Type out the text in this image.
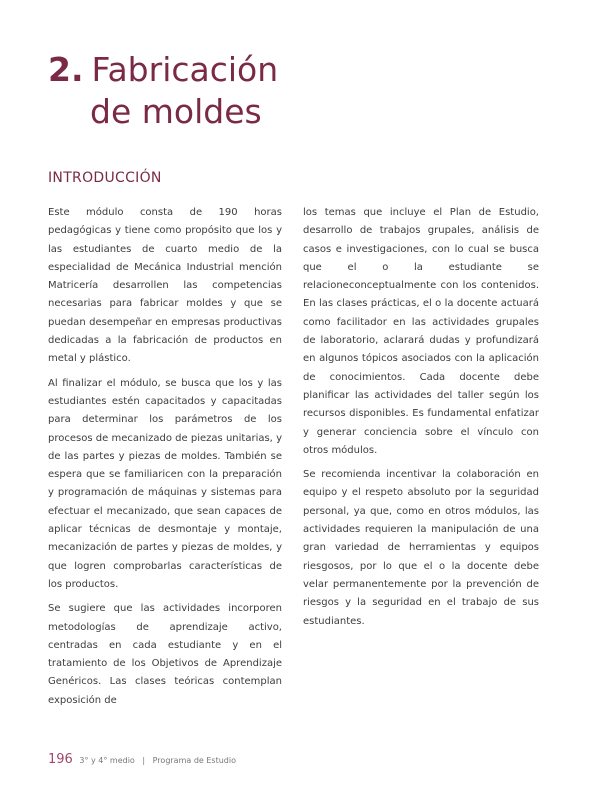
2. Fabricación
de moldes
INTRODUCCIÓN

Este módulo consta de 190 horas pedagógicas y tiene como propósito que los y las estudiantes de cuarto medio de la especialidad de Mecánica Industrial mención Matricería desarrollen las competencias necesarias para fabricar moldes y que se puedan desempeñar en empresas productivas dedicadas a la fabricación de productos en metal y plástico.

Al finalizar el módulo, se busca que los y las estudiantes estén capacitados y capacitadas para determinar los parámetros de los procesos de mecanizado de piezas unitarias, y de las partes y piezas de moldes. También se espera que se familiaricen con la preparación y programación de máquinas y sistemas para efectuar el mecanizado, que sean capaces de aplicar técnicas de desmontaje y montaje, mecanización de partes y piezas de moldes, y que logren comprobarlas características de los productos.

Se sugiere que las actividades incorporen metodologías de aprendizaje activo, centradas en cada estudiante y en el tratamiento de los Objetivos de Aprendizaje Genéricos. Las clases teóricas contemplan exposición de

los temas que incluye el Plan de Estudio, desarrollo de trabajos grupales, análisis de casos e investigaciones, con lo cual se busca que el o la estudiante se relacioneconceptualmente con los contenidos. En las clases prácticas, el o la docente actuará como facilitador en las actividades grupales de laboratorio, aclarará dudas y profundizará en algunos tópicos asociados con la aplicación de conocimientos. Cada docente debe planificar las actividades del taller según los recursos disponibles. Es fundamental enfatizar y generar conciencia sobre el vínculo con otros módulos.

Se recomienda incentivar la colaboración en equipo y el respeto absoluto por la seguridad personal, ya que, como en otros módulos, las actividades requieren la manipulación de una gran variedad de herramientas y equipos riesgosos, por lo que el o la docente debe velar permanentemente por la prevención de riesgos y la seguridad en el trabajo de sus estudiantes.

196 3° y 4° medio | Programa de Estudio
